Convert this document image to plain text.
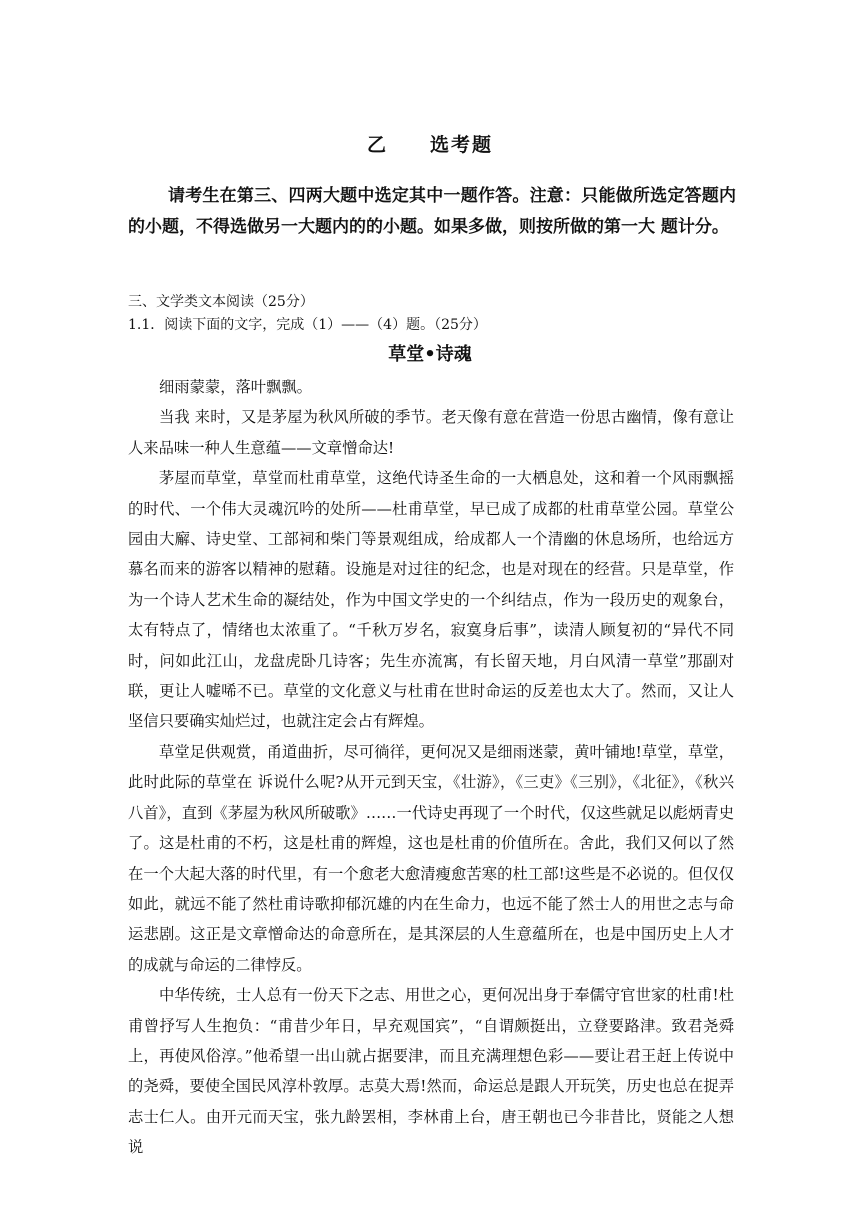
乙　　选考题

请考生在第三、四两大题中选定其中一题作答。注意：只能做所选定答题内的小题，不得选做另一大题内的的小题。如果多做，则按所做的第一大 题计分。

三、文学类文本阅读（25分）

1.1．阅读下面的文字，完成（1）——（4）题。（25分）

草堂•诗魂

细雨蒙蒙，落叶飘飘。

当我 来时，又是茅屋为秋风所破的季节。老天像有意在营造一份思古幽情，像有意让人来品味一种人生意蕴——文章憎命达!

茅屋而草堂，草堂而杜甫草堂，这绝代诗圣生命的一大栖息处，这和着一个风雨飘摇的时代、一个伟大灵魂沉吟的处所——杜甫草堂，早已成了成都的杜甫草堂公园。草堂公园由大廨、诗史堂、工部祠和柴门等景观组成，给成都人一个清幽的休息场所，也给远方慕名而来的游客以精神的慰藉。设施是对过往的纪念，也是对现在的经营。只是草堂，作为一个诗人艺术生命的凝结处，作为中国文学史的一个纠结点，作为一段历史的观象台，太有特点了，情绪也太浓重了。“千秋万岁名，寂寞身后事”，读清人顾复初的“异代不同时，问如此江山，龙盘虎卧几诗客；先生亦流寓，有长留天地，月白风清一草堂”那副对联，更让人嘘唏不已。草堂的文化意义与杜甫在世时命运的反差也太大了。然而，又让人坚信只要确实灿烂过，也就注定会占有辉煌。

草堂足供观赏，甬道曲折，尽可徜徉，更何况又是细雨迷蒙，黄叶铺地!草堂，草堂，此时此际的草堂在 诉说什么呢?从开元到天宝，《壮游》，《三吏》《三别》，《北征》，《秋兴八首》，直到《茅屋为秋风所破歌》……一代诗史再现了一个时代，仅这些就足以彪炳青史了。这是杜甫的不朽，这是杜甫的辉煌，这也是杜甫的价值所在。舍此，我们又何以了然在一个大起大落的时代里，有一个愈老大愈清瘦愈苦寒的杜工部!这些是不必说的。但仅仅如此，就远不能了然杜甫诗歌抑郁沉雄的内在生命力，也远不能了然士人的用世之志与命运悲剧。这正是文章憎命达的命意所在，是其深层的人生意蕴所在，也是中国历史上人才的成就与命运的二律悖反。

中华传统，士人总有一份天下之志、用世之心，更何况出身于奉儒守官世家的杜甫!杜甫曾抒写人生抱负：“甫昔少年日，早充观国宾”，“自谓颇挺出，立登要路津。致君尧舜上，再使风俗淳。”他希望一出山就占据要津，而且充满理想色彩——要让君王赶上传说中的尧舜，要使全国民风淳朴敦厚。志莫大焉!然而，命运总是跟人开玩笑，历史也总在捉弄志士仁人。由开元而天宝，张九龄罢相，李林甫上台，唐王朝也已今非昔比，贤能之人想说
